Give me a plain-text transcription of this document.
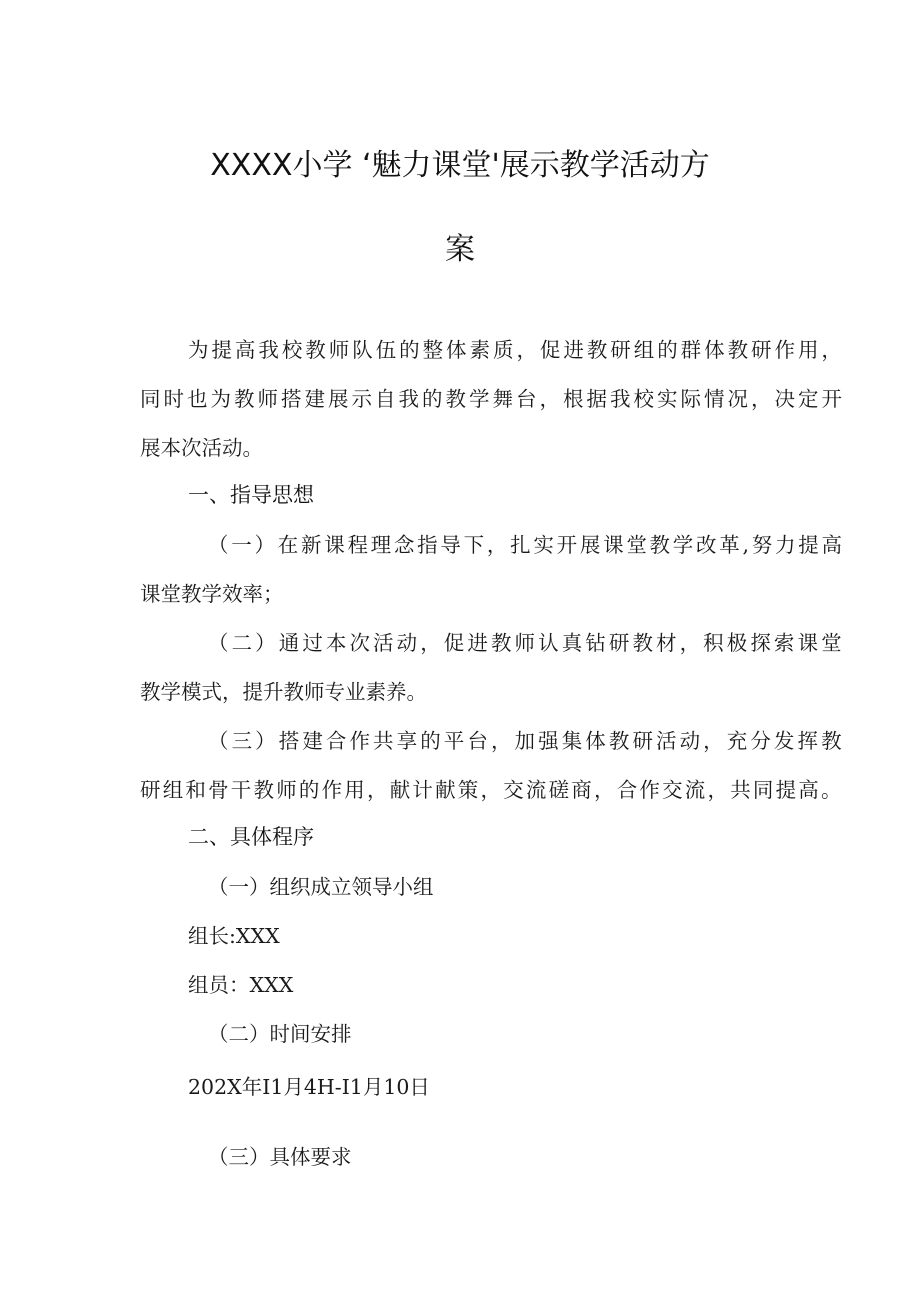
XXXX小学 ‘魅力课堂'展示教学活动方
案
为提高我校教师队伍的整体素质，促进教研组的群体教研作用，
同时也为教师搭建展示自我的教学舞台，根据我校实际情况，决定开
展本次活动。
一、指导思想
（一）在新课程理念指导下，扎实开展课堂教学改革,努力提高
课堂教学效率；
（二）通过本次活动，促进教师认真钻研教材，积极探索课堂
教学模式，提升教师专业素养。
（三）搭建合作共享的平台，加强集体教研活动，充分发挥教
研组和骨干教师的作用，献计献策，交流磋商，合作交流，共同提高。
二、具体程序
（一）组织成立领导小组
组长:XXX
组员：XXX
（二）时间安排
202X年I1月4H-I1月10日
（三）具体要求
